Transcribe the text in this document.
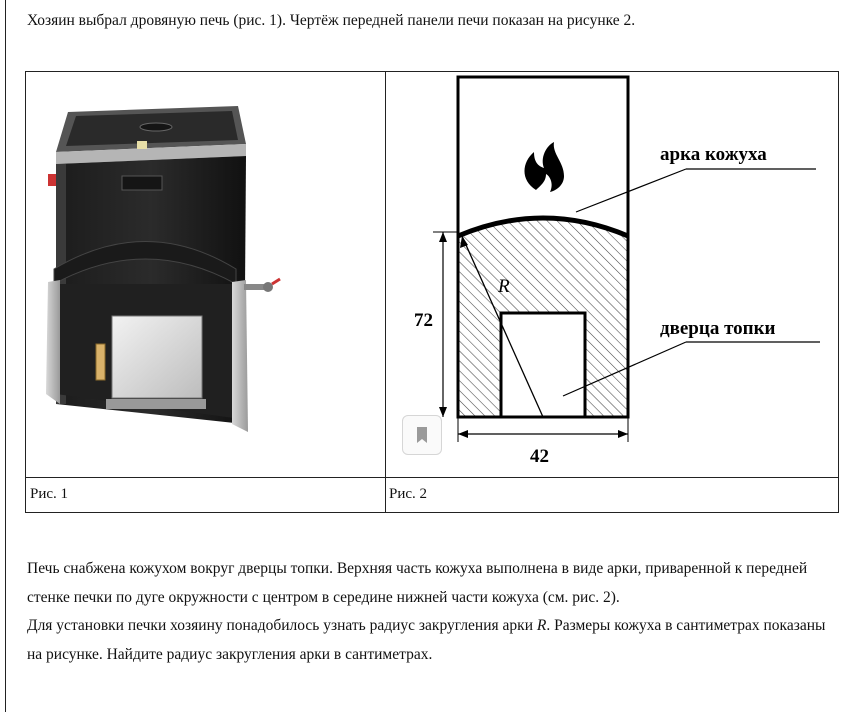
Хозяин выбрал дровяную печь (рис. 1). Чертёж передней панели печи показан на рисунке 2.
арка кожуха
дверца топки
R
72
42
Рис. 1	Рис. 2

Печь снабжена кожухом вокруг дверцы топки. Верхняя часть кожуха выполнена в виде арки, приваренной к передней стенке печки по дуге окружности с центром в середине нижней части кожуха (см. рис. 2).

Для установки печки хозяину понадобилось узнать радиус закругления арки R. Размеры кожуха в сантиметрах показаны на рисунке. Найдите радиус закругления арки в сантиметрах.
